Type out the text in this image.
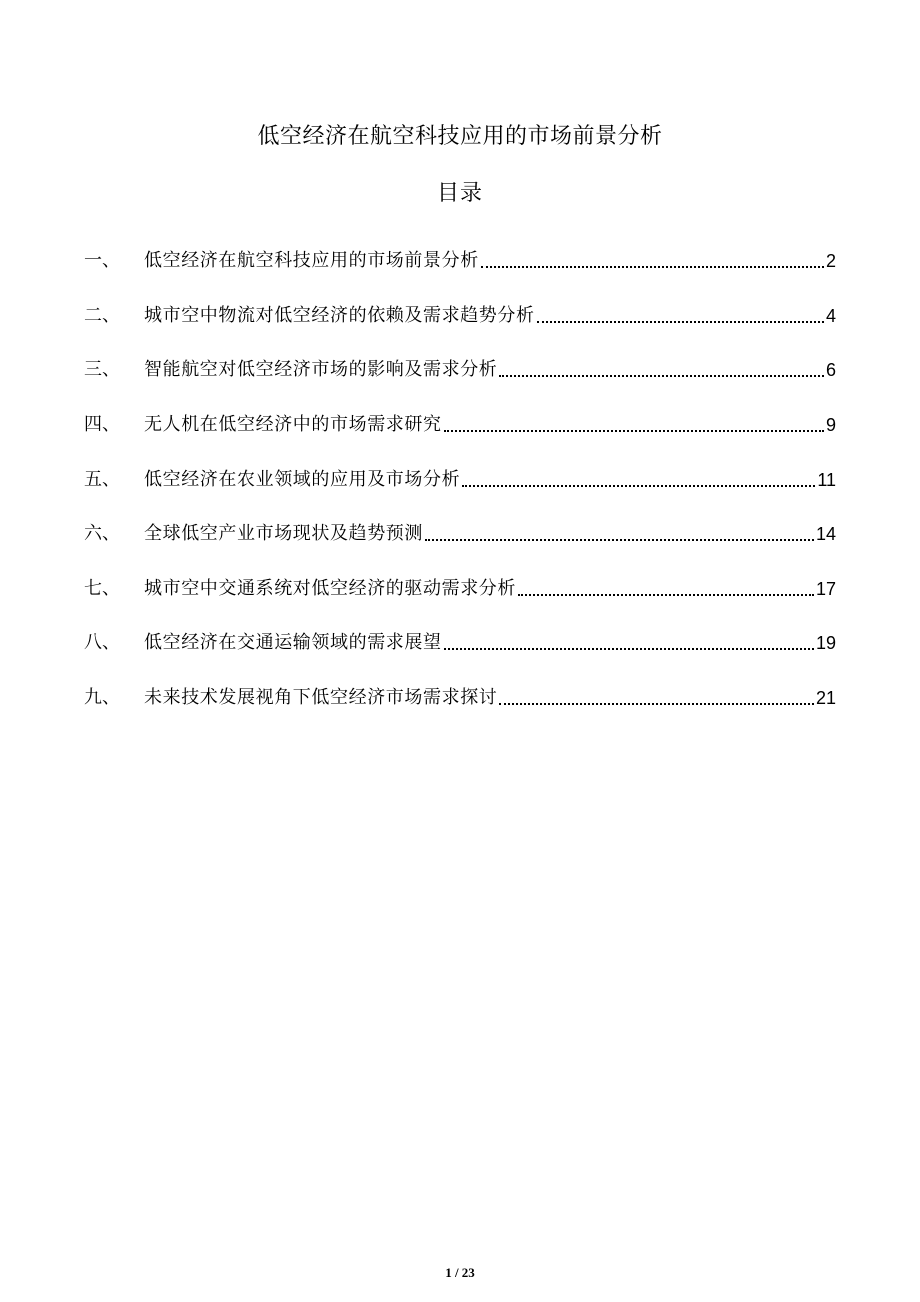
低空经济在航空科技应用的市场前景分析
目录
一、	低空经济在航空科技应用的市场前景分析	2
二、	城市空中物流对低空经济的依赖及需求趋势分析	4
三、	智能航空对低空经济市场的影响及需求分析	6
四、	无人机在低空经济中的市场需求研究	9
五、	低空经济在农业领域的应用及市场分析	11
六、	全球低空产业市场现状及趋势预测	14
七、	城市空中交通系统对低空经济的驱动需求分析	17
八、	低空经济在交通运输领域的需求展望	19
九、	未来技术发展视角下低空经济市场需求探讨	21
1 / 23
